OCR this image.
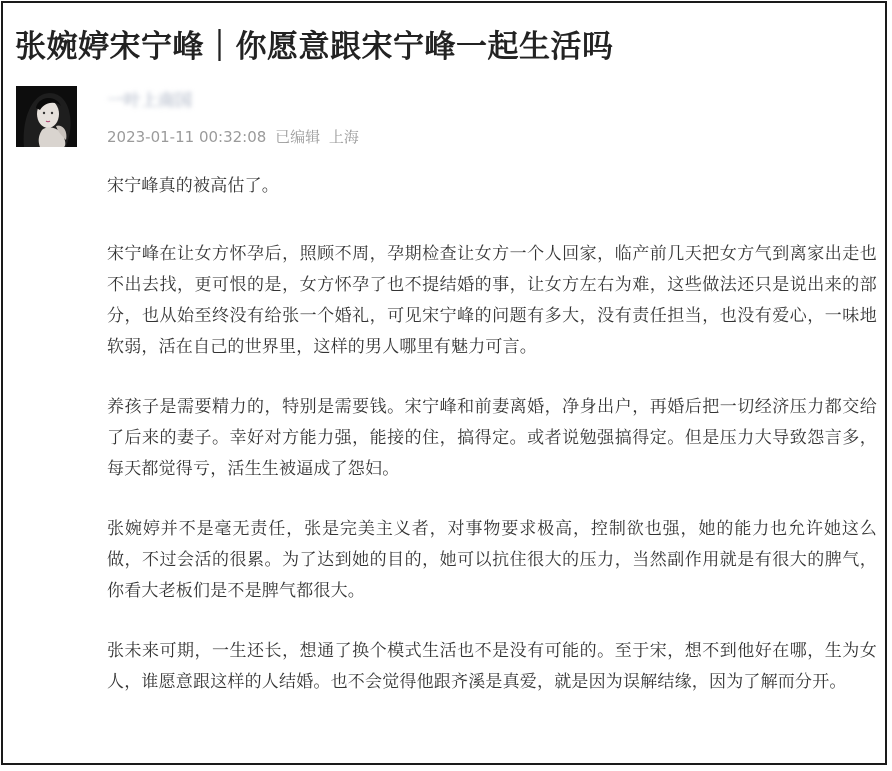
张婉婷宋宁峰｜你愿意跟宋宁峰一起生活吗
一叶上南国
2023-01-11 00:32:08 已编辑 上海

宋宁峰真的被高估了。

宋宁峰在让女方怀孕后，照顾不周，孕期检查让女方一个人回家，临产前几天把女方气到离家出走也不出去找，更可恨的是，女方怀孕了也不提结婚的事，让女方左右为难，这些做法还只是说出来的部分，也从始至终没有给张一个婚礼，可见宋宁峰的问题有多大，没有责任担当，也没有爱心，一味地软弱，活在自己的世界里，这样的男人哪里有魅力可言。

养孩子是需要精力的，特别是需要钱。宋宁峰和前妻离婚，净身出户，再婚后把一切经济压力都交给了后来的妻子。幸好对方能力强，能接的住，搞得定。或者说勉强搞得定。但是压力大导致怨言多，每天都觉得亏，活生生被逼成了怨妇。

张婉婷并不是毫无责任，张是完美主义者，对事物要求极高，控制欲也强，她的能力也允许她这么做，不过会活的很累。为了达到她的目的，她可以抗住很大的压力，当然副作用就是有很大的脾气，你看大老板们是不是脾气都很大。

张未来可期，一生还长，想通了换个模式生活也不是没有可能的。至于宋，想不到他好在哪，生为女人，谁愿意跟这样的人结婚。也不会觉得他跟齐溪是真爱，就是因为误解结缘，因为了解而分开。
